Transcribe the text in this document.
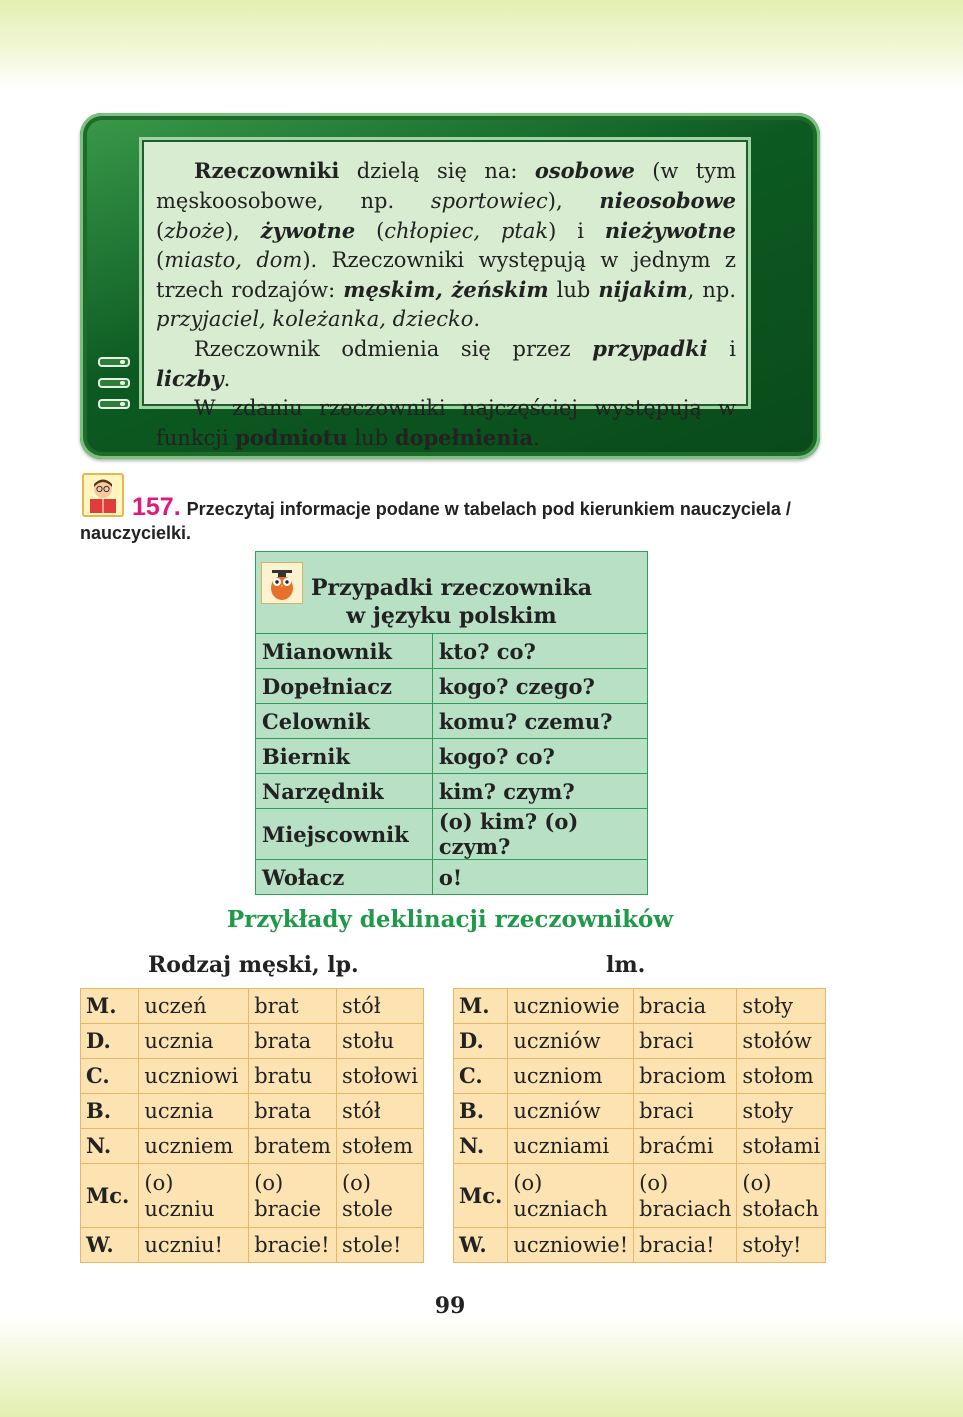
Rzeczowniki dzielą się na: osobowe (w tym męskoosobowe, np. sportowiec), nieosobowe (zboże), żywotne (chłopiec, ptak) i nieżywotne (miasto, dom). Rzeczowniki występują w jednym z trzech rodzajów: męskim, żeńskim lub nijakim, np. przyjaciel, koleżanka, dziecko.

Rzeczownik odmienia się przez przypadki i liczby.

W zdaniu rzeczowniki najczęściej występują w funkcji podmiotu lub dopełnienia.

157. Przeczytaj informacje podane w tabelach pod kierunkiem nauczyciela / nauczycielki.
Przypadki rzeczownika
w języku polskim	

Mianownik	kto? co?
Dopełniacz	kogo? czego?
Celownik	komu? czemu?
Biernik	kogo? co?
Narzędnik	kim? czym?
Miejscownik	(o) kim? (o) czym?
Wołacz	o!
Przykłady deklinacji rzeczowników
Rodzaj męski, lp.	lm.
M.	uczeń	brat	stół
D.	ucznia	brata	stołu
C.	uczniowi	bratu	stołowi
B.	ucznia	brata	stół
N.	uczniem	bratem	stołem
Mc.	(o) uczniu	(o) bracie	(o) stole
W.	uczniu!	bracie!	stole!
M.	uczniowie	bracia	stoły
D.	uczniów	braci	stołów
C.	uczniom	braciom	stołom
B.	uczniów	braci	stoły
N.	uczniami	braćmi	stołami
Mc.	(o) uczniach	(o) braciach	(o) stołach
W.	uczniowie!	bracia!	stoły!
99
